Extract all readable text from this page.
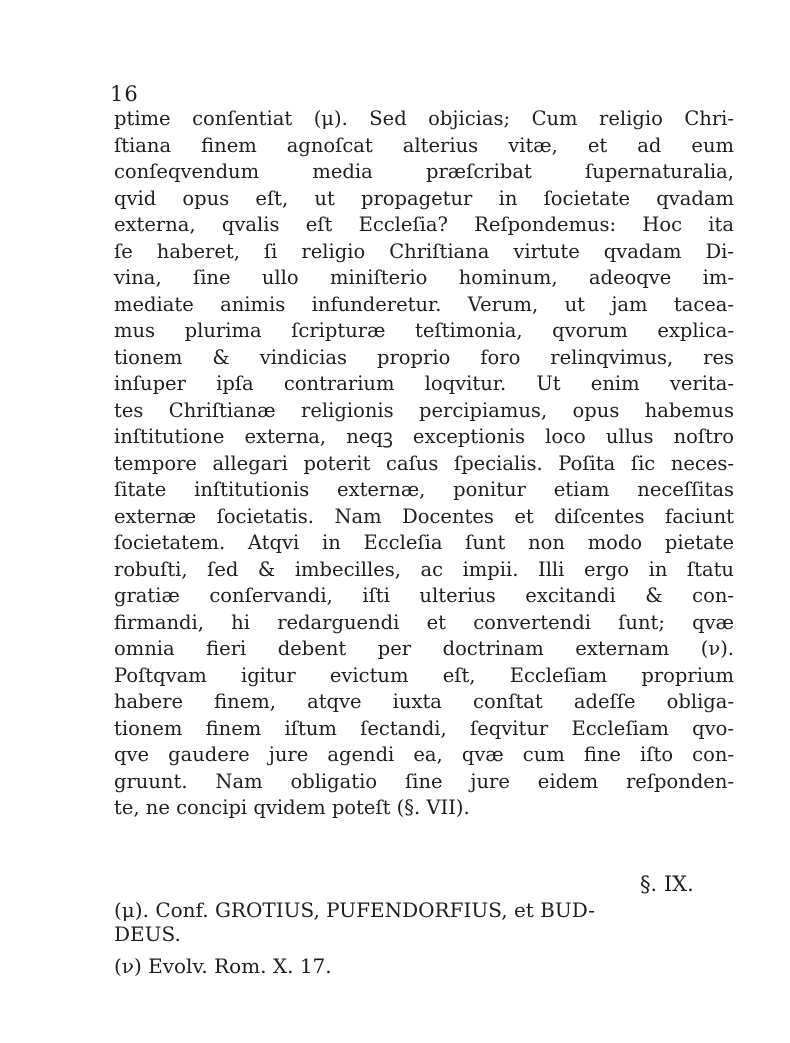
16
ptime conſentiat (μ). Sed objicias; Cum religio Chri-
ſtiana finem agnoſcat alterius vitæ, et ad eum
conſeqvendum media præſcribat ſupernaturalia,
qvid opus eſt, ut propagetur in ſocietate qvadam
externa, qvalis eſt Eccleſia? Reſpondemus: Hoc ita
ſe haberet, ſi religio Chriſtiana virtute qvadam Di-
vina, ſine ullo miniſterio hominum, adeoqve im-
mediate animis infunderetur. Verum, ut jam tacea-
mus plurima ſcripturæ teſtimonia, qvorum explica-
tionem & vindicias proprio foro relinqvimus, res
inſuper ipſa contrarium loqvitur. Ut enim verita-
tes Chriſtianæ religionis percipiamus, opus habemus
inſtitutione externa, neqꝫ exceptionis loco ullus noſtro
tempore allegari poterit caſus ſpecialis. Poſita ſic neces-
ſitate inſtitutionis externæ, ponitur etiam neceſſitas
externæ ſocietatis. Nam Docentes et diſcentes faciunt
ſocietatem. Atqvi in Eccleſia ſunt non modo pietate
robuſti, ſed & imbecilles, ac impii. Illi ergo in ſtatu
gratiæ conſervandi, iſti ulterius excitandi & con-
firmandi, hi redarguendi et convertendi ſunt; qvæ
omnia fieri debent per doctrinam externam (ν).
Poſtqvam igitur evictum eſt, Eccleſiam proprium
habere finem, atqve iuxta conſtat adeſſe obliga-
tionem finem iſtum ſectandi, ſeqvitur Eccleſiam qvo-
qve gaudere jure agendi ea, qvæ cum fine iſto con-
gruunt. Nam obligatio ſine jure eidem reſponden-
te, ne concipi qvidem poteſt (§. VII).
§. IX.
(μ). Conf. GROTIUS, PUFENDORFIUS, et BUD-
DEUS.
(ν) Evolv. Rom. X. 17.
